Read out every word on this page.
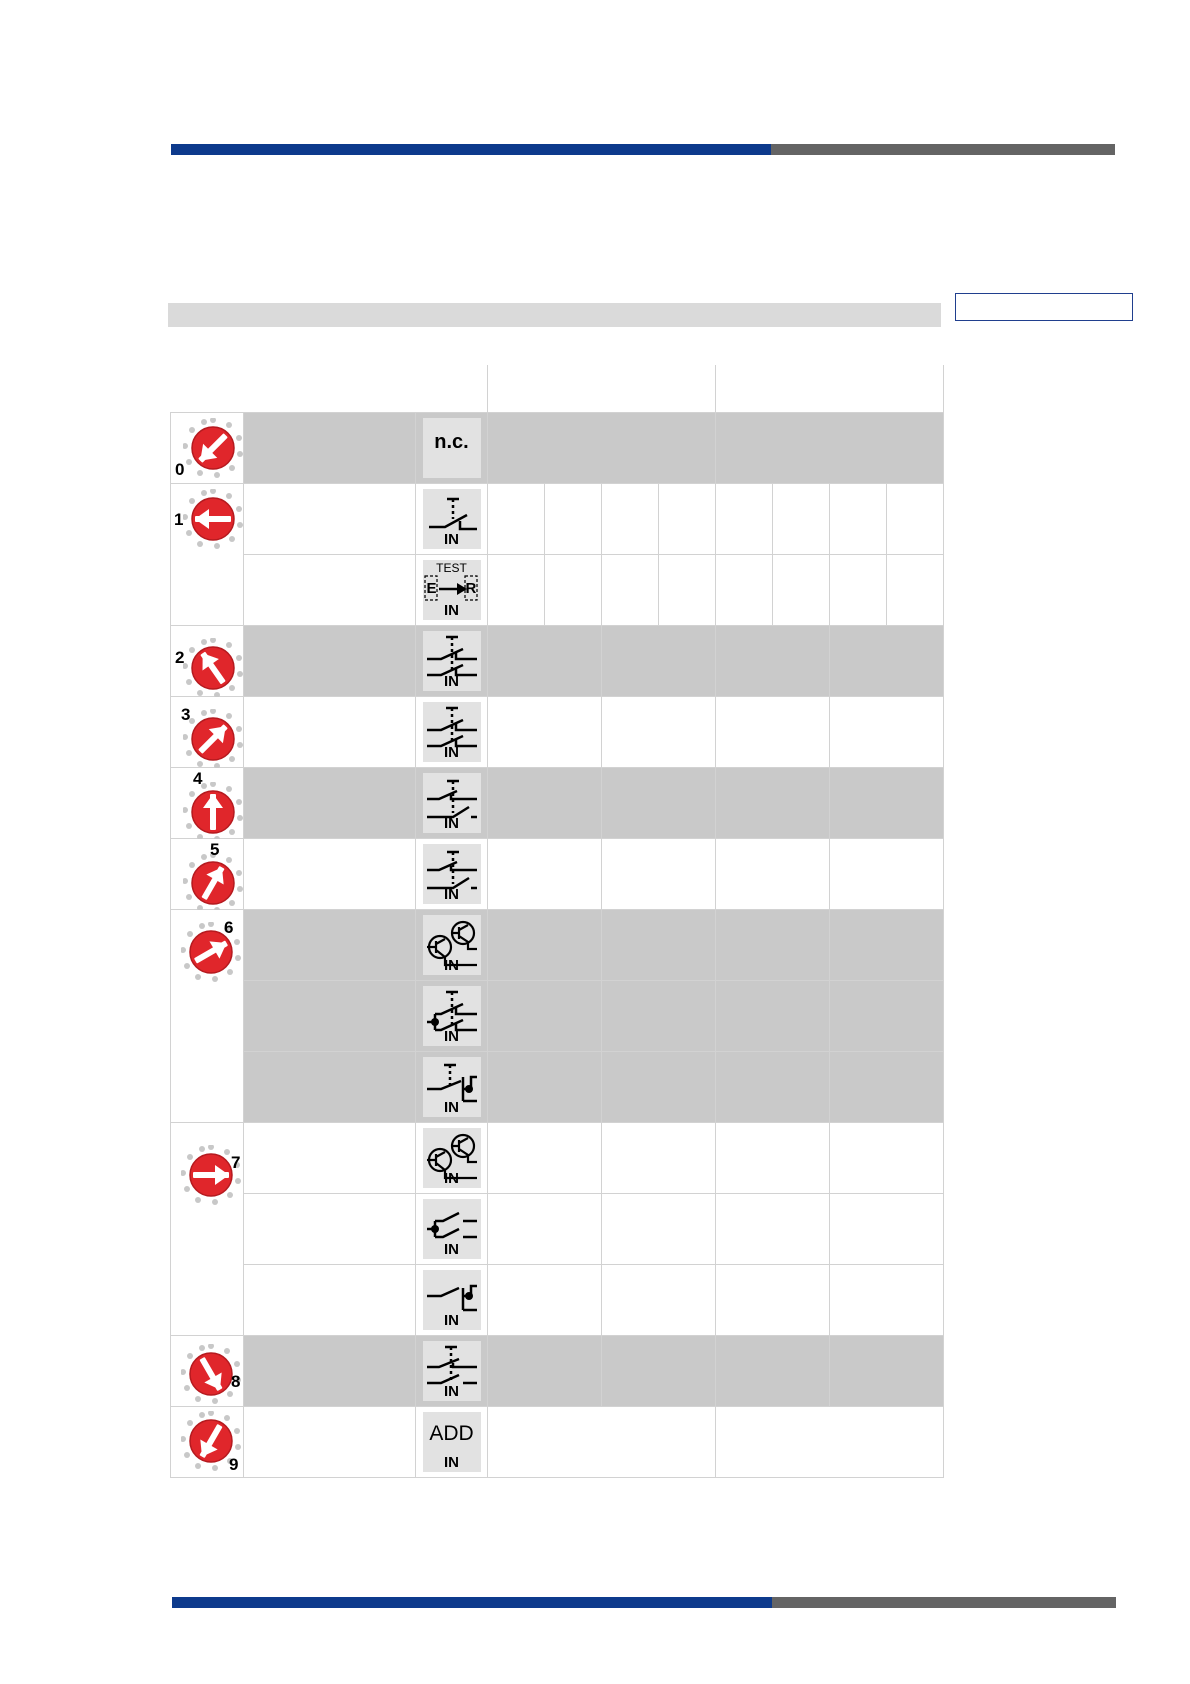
0		n.c.								

1		IN								

		TEST
E R
IN								

2		IN								

3		IN								

4		IN								

5		IN								

6		IN								

		IN								

		IN								

7		IN								

		IN								

		IN								

8		IN								

9		ADD
IN								
